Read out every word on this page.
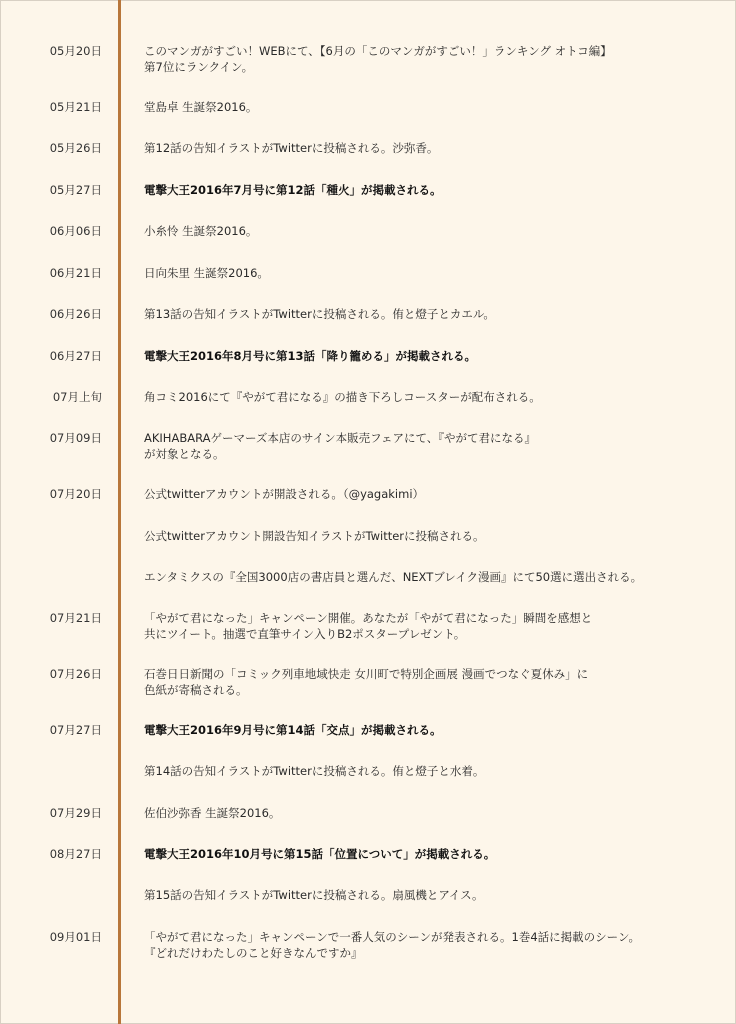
05月20日	このマンガがすごい！WEBにて、【6月の「このマンガがすごい！」ランキング オトコ編】
第7位にランクイン。
05月21日	堂島卓 生誕祭2016。
05月26日	第12話の告知イラストがTwitterに投稿される。沙弥香。
05月27日	電撃大王2016年7月号に第12話「種火」が掲載される。
06月06日	小糸怜 生誕祭2016。
06月21日	日向朱里 生誕祭2016。
06月26日	第13話の告知イラストがTwitterに投稿される。侑と燈子とカエル。
06月27日	電撃大王2016年8月号に第13話「降り籠める」が掲載される。
07月上旬	角コミ2016にて『やがて君になる』の描き下ろしコースターが配布される。
07月09日	AKIHABARAゲーマーズ本店のサイン本販売フェアにて、『やがて君になる』
が対象となる。
07月20日	公式twitterアカウントが開設される。（@yagakimi）
公式twitterアカウント開設告知イラストがTwitterに投稿される。
エンタミクスの『全国3000店の書店員と選んだ、NEXTブレイク漫画』にて50選に選出される。
07月21日	「やがて君になった」キャンペーン開催。あなたが「やがて君になった」瞬間を感想と
共にツイート。抽選で直筆サイン入りB2ポスタープレゼント。
07月26日	石巻日日新聞の「コミック列車地域快走 女川町で特別企画展 漫画でつなぐ夏休み」に
色紙が寄稿される。
07月27日	電撃大王2016年9月号に第14話「交点」が掲載される。
第14話の告知イラストがTwitterに投稿される。侑と燈子と水着。
07月29日	佐伯沙弥香 生誕祭2016。
08月27日	電撃大王2016年10月号に第15話「位置について」が掲載される。
第15話の告知イラストがTwitterに投稿される。扇風機とアイス。
09月01日	「やがて君になった」キャンペーンで一番人気のシーンが発表される。1巻4話に掲載のシーン。
『どれだけわたしのこと好きなんですか』
